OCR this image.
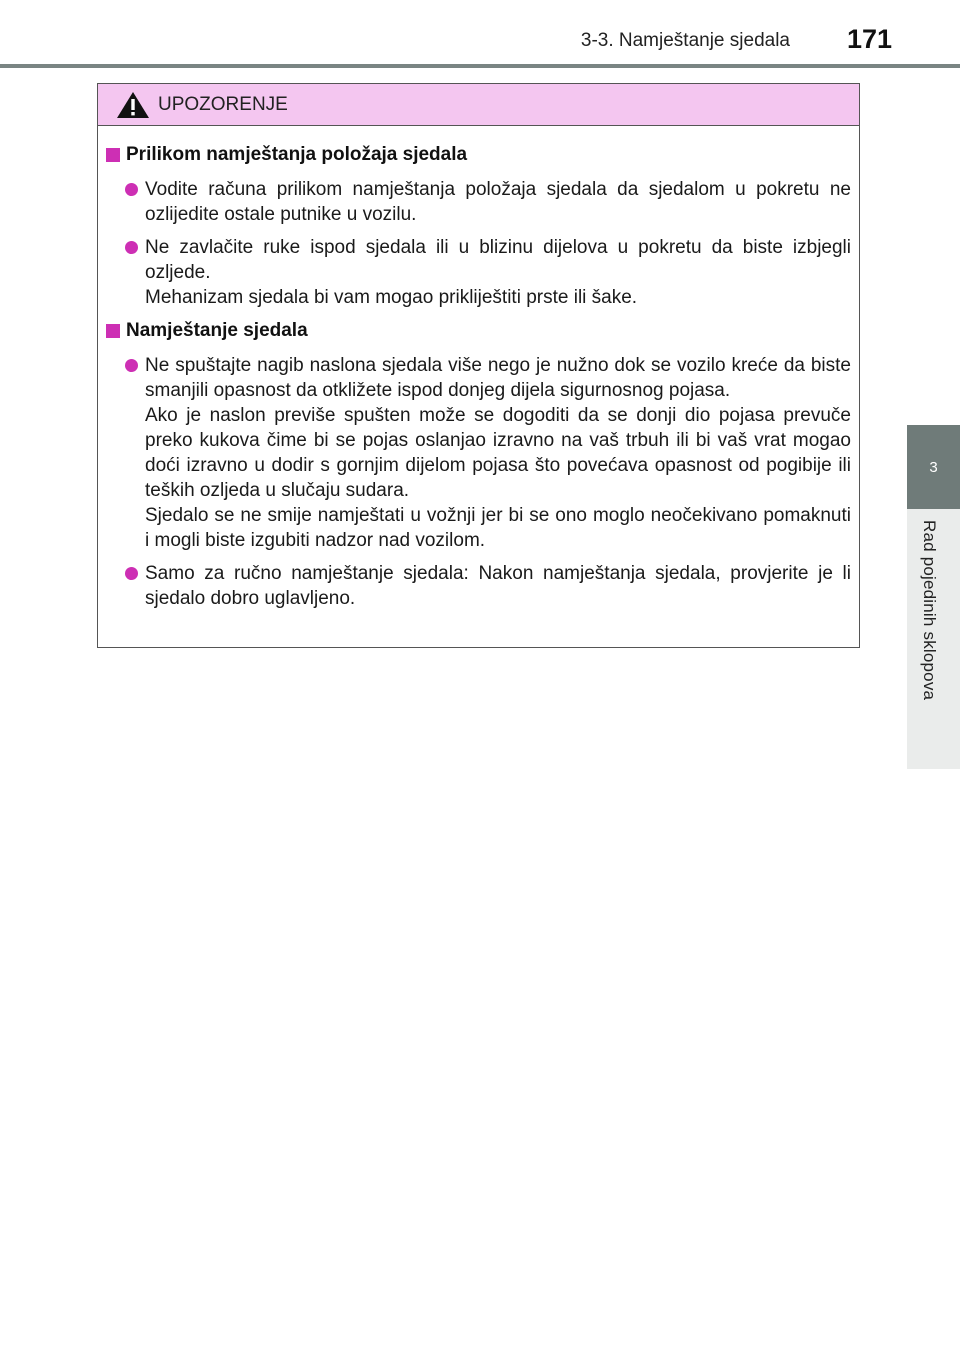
3-3. Namještanje sjedala 171
3
Rad pojedinih sklopova
UPOZORENJE
Prilikom namještanja položaja sjedala

Vodite računa prilikom namještanja položaja sjedala da sjedalom u pokretu ne ozlijedite ostale putnike u vozilu.

Ne zavlačite ruke ispod sjedala ili u blizinu dijelova u pokretu da biste izbjegli ozljede.

Mehanizam sjedala bi vam mogao prikliještiti prste ili šake.

Namještanje sjedala

Ne spuštajte nagib naslona sjedala više nego je nužno dok se vozilo kreće da biste smanjili opasnost da otkližete ispod donjeg dijela sigurnosnog pojasa.

Ako je naslon previše spušten može se dogoditi da se donji dio pojasa prevuče preko kukova čime bi se pojas oslanjao izravno na vaš trbuh ili bi vaš vrat mogao doći izravno u dodir s gornjim dijelom pojasa što povećava opasnost od pogibije ili teških ozljeda u slučaju sudara.

Sjedalo se ne smije namještati u vožnji jer bi se ono moglo neočekivano pomaknuti i mogli biste izgubiti nadzor nad vozilom.

Samo za ručno namještanje sjedala: Nakon namještanja sjedala, provjerite je li sjedalo dobro uglavljeno.
